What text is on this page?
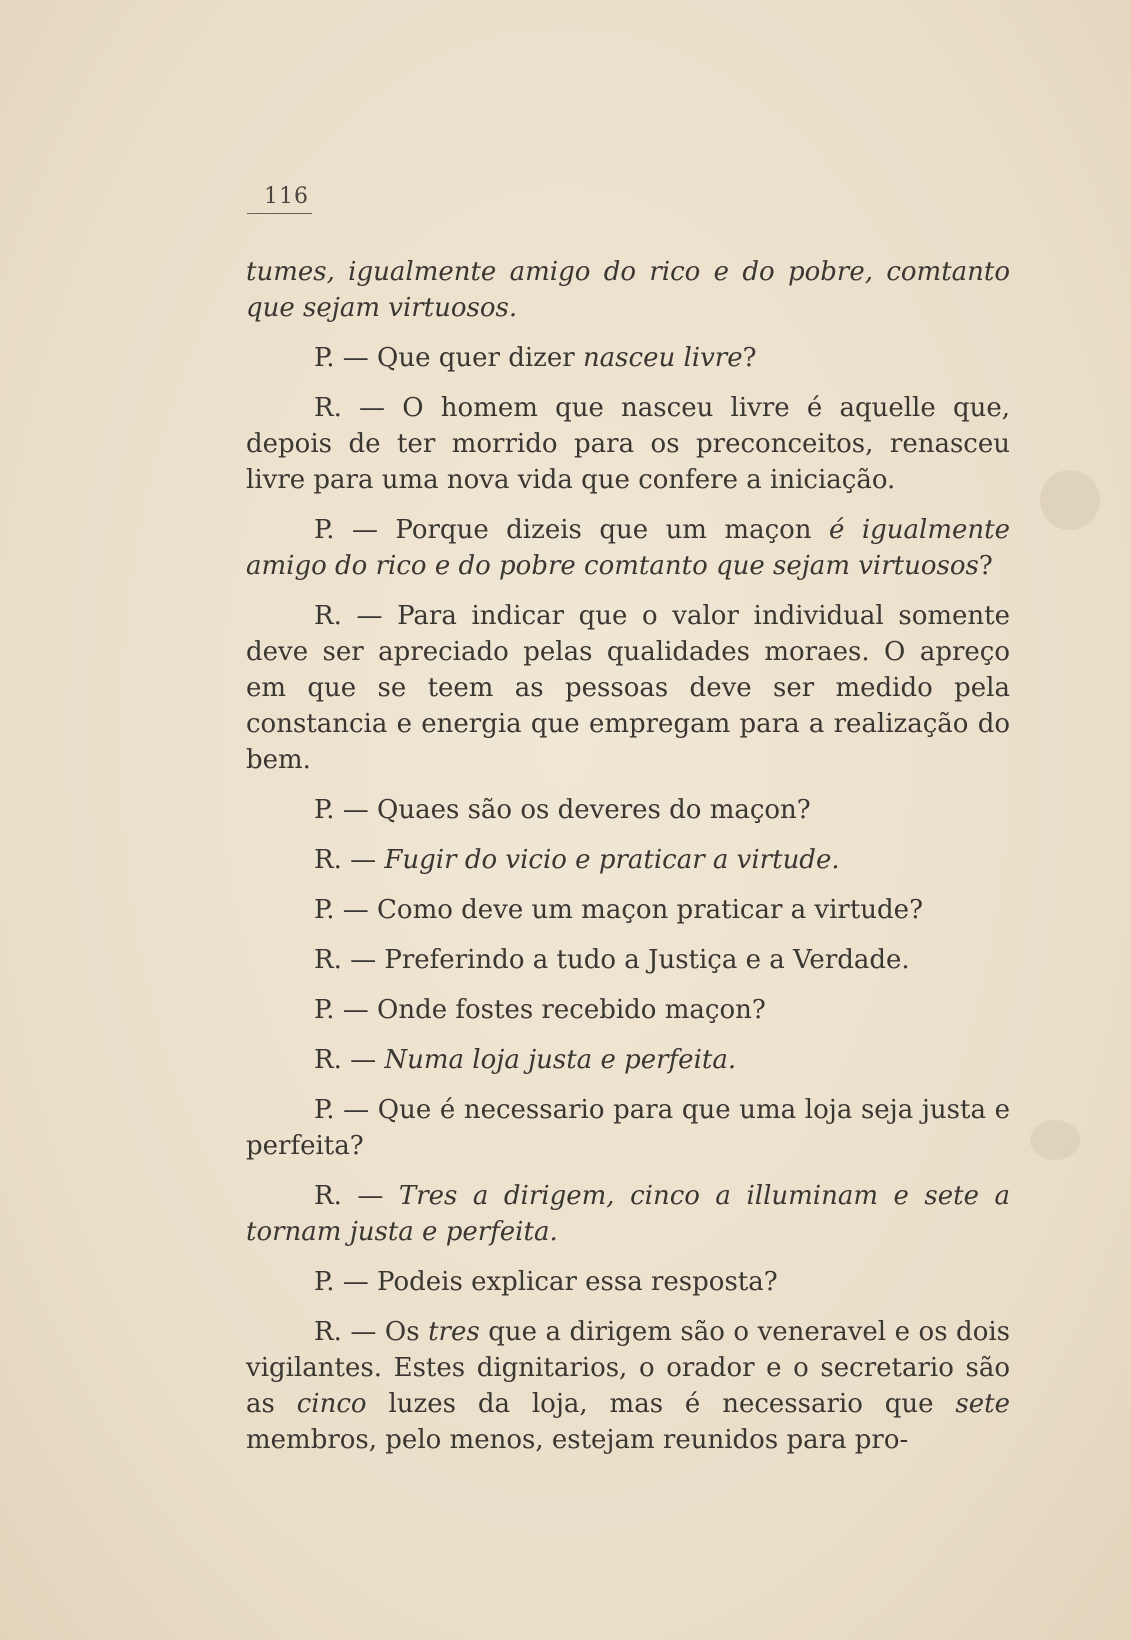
116

tumes, igualmente amigo do rico e do pobre, comtanto que sejam virtuosos.

P. — Que quer dizer nasceu livre?

R. — O homem que nasceu livre é aquelle que, depois de ter morrido para os preconceitos, renasceu livre para uma nova vida que confere a iniciação.

P. — Porque dizeis que um maçon é igualmente amigo do rico e do pobre comtanto que sejam virtuosos?

R. — Para indicar que o valor individual somente deve ser apreciado pelas qualidades moraes. O apreço em que se teem as pessoas deve ser medido pela constancia e energia que empregam para a realização do bem.

P. — Quaes são os deveres do maçon?

R. — Fugir do vicio e praticar a virtude.

P. — Como deve um maçon praticar a virtude?

R. — Preferindo a tudo a Justiça e a Verdade.

P. — Onde fostes recebido maçon?

R. — Numa loja justa e perfeita.

P. — Que é necessario para que uma loja seja justa e perfeita?

R. — Tres a dirigem, cinco a illuminam e sete a tornam justa e perfeita.

P. — Podeis explicar essa resposta?

R. — Os tres que a dirigem são o veneravel e os dois vigilantes. Estes dignitarios, o orador e o secretario são as cinco luzes da loja, mas é necessario que sete membros, pelo menos, estejam reunidos para pro-
